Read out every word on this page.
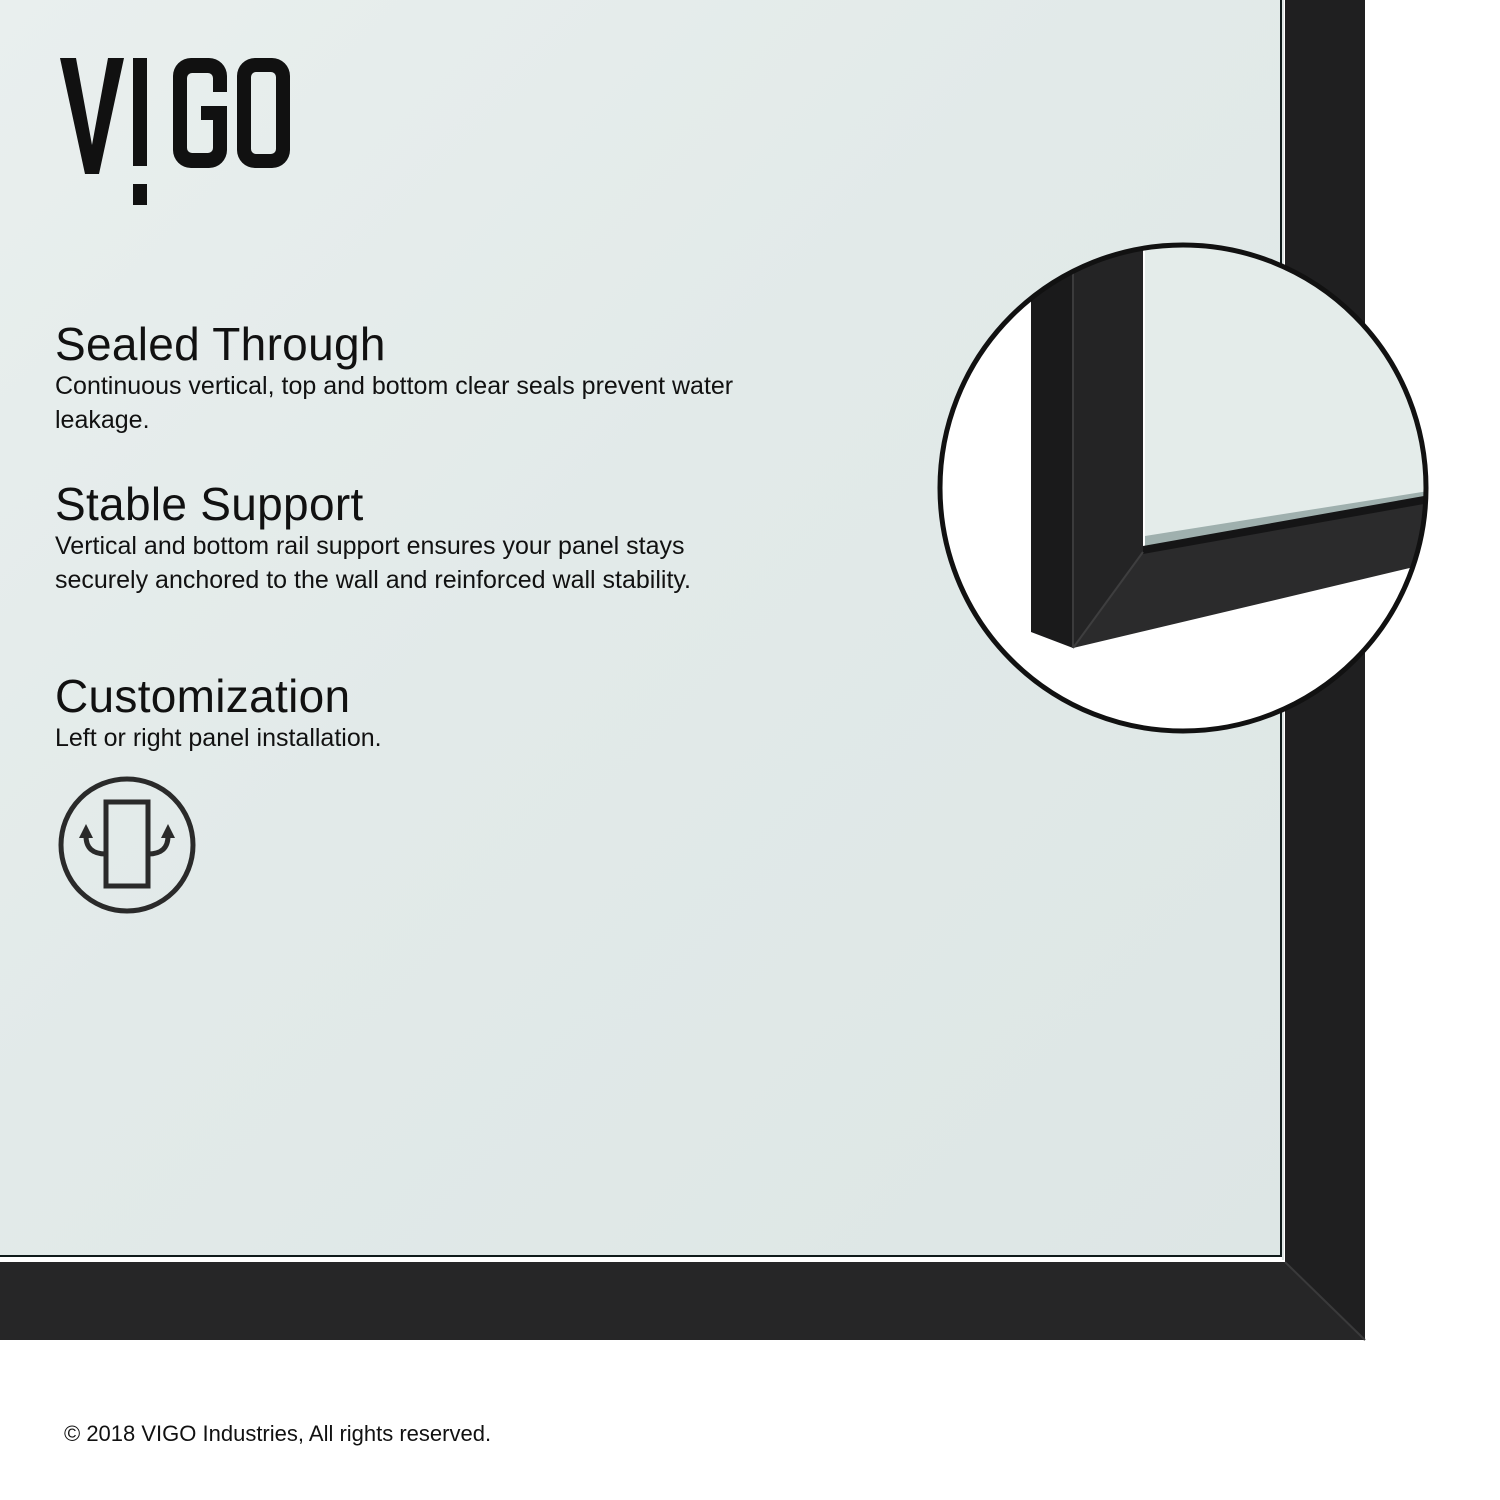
Sealed Through

Continuous vertical, top and bottom clear seals prevent water leakage.

Stable Support

Vertical and bottom rail support ensures your panel stays securely anchored to the wall and reinforced wall stability.

Customization

Left or right panel installation.

© 2018 VIGO Industries, All rights reserved.
